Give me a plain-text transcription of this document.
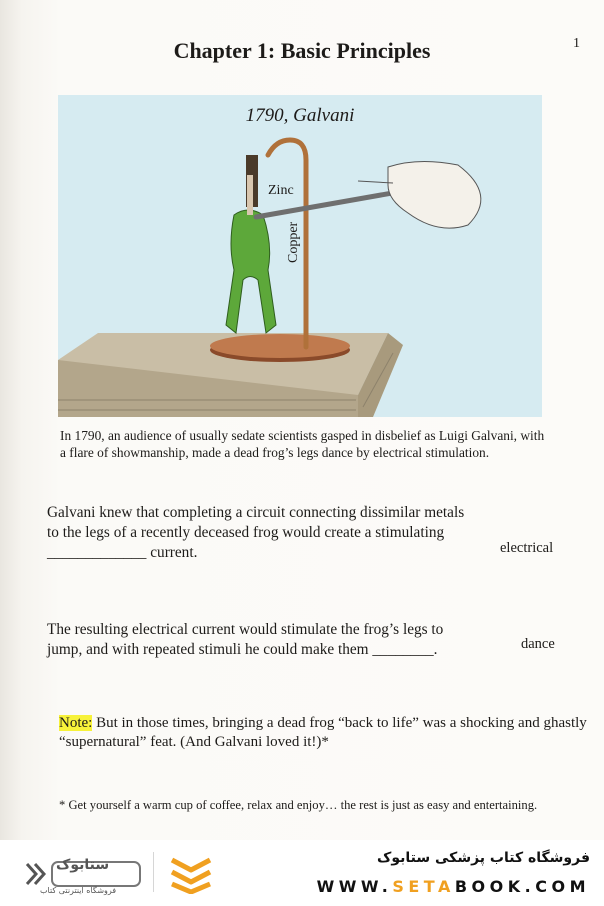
1
Chapter 1: Basic Principles
1790, Galvani
Zinc
Copper
In 1790, an audience of usually sedate scientists gasped in disbelief as Luigi Galvani, with a flare of showmanship, made a dead frog’s legs dance by electrical stimulation.
Galvani knew that completing a circuit connecting dissimilar metals to the legs of a recently deceased frog would create a stimulating _____________ current.	electrical
The resulting electrical current would stimulate the frog’s legs to jump, and with repeated stimuli he could make them ________.	dance
Note: But in those times, bringing a dead frog “back to life” was a shocking and ghastly “supernatural” feat. (And Galvani loved it!)*
* Get yourself a warm cup of coffee, relax and enjoy… the rest is just as easy and entertaining.
ستابوک
فروشگاه اینترنتی کتاب
فروشگاه کتاب پزشکی ستابوک
WWW.SETABOOK.COM
